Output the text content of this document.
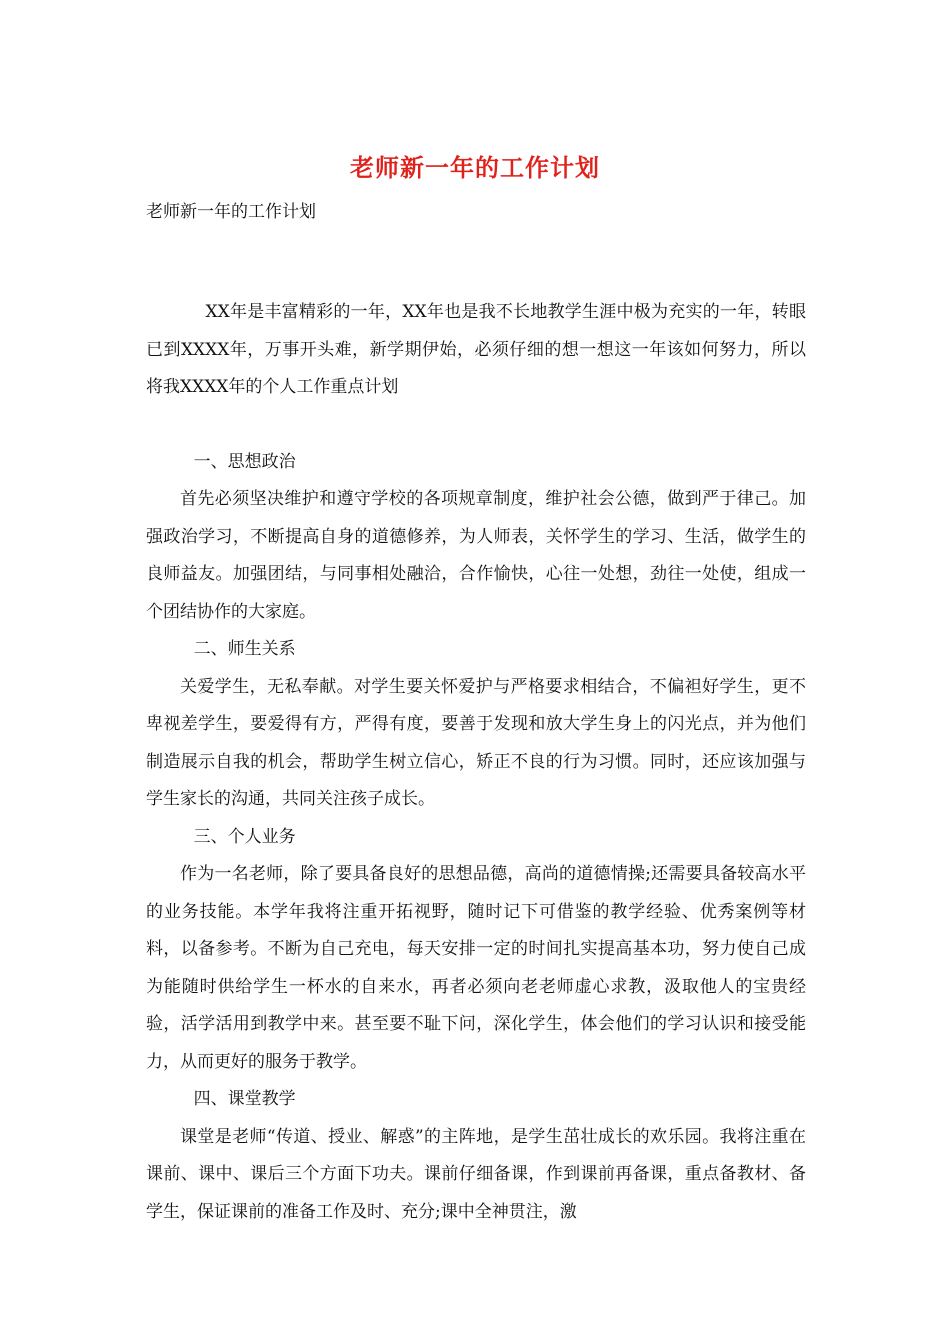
老师新一年的工作计划
老师新一年的工作计划

XX年是丰富精彩的一年，XX年也是我不长地教学生涯中极为充实的一年，转眼已到XXXX年，万事开头难，新学期伊始，必须仔细的想一想这一年该如何努力，所以将我XXXX年的个人工作重点计划

一、思想政治

首先必须坚决维护和遵守学校的各项规章制度，维护社会公德，做到严于律己。加强政治学习，不断提高自身的道德修养，为人师表，关怀学生的学习、生活，做学生的良师益友。加强团结，与同事相处融洽，合作愉快，心往一处想，劲往一处使，组成一个团结协作的大家庭。

二、师生关系

关爱学生，无私奉献。对学生要关怀爱护与严格要求相结合，不偏袒好学生，更不卑视差学生，要爱得有方，严得有度，要善于发现和放大学生身上的闪光点，并为他们制造展示自我的机会，帮助学生树立信心，矫正不良的行为习惯。同时，还应该加强与学生家长的沟通，共同关注孩子成长。

三、个人业务

作为一名老师，除了要具备良好的思想品德，高尚的道德情操;还需要具备较高水平的业务技能。本学年我将注重开拓视野，随时记下可借鉴的教学经验、优秀案例等材料，以备参考。不断为自己充电，每天安排一定的时间扎实提高基本功，努力使自己成为能随时供给学生一杯水的自来水，再者必须向老老师虚心求教，汲取他人的宝贵经验，活学活用到教学中来。甚至要不耻下问，深化学生，体会他们的学习认识和接受能力，从而更好的服务于教学。

四、课堂教学

课堂是老师“传道、授业、解惑”的主阵地，是学生茁壮成长的欢乐园。我将注重在课前、课中、课后三个方面下功夫。课前仔细备课，作到课前再备课，重点备教材、备学生，保证课前的准备工作及时、充分;课中全神贯注，激
